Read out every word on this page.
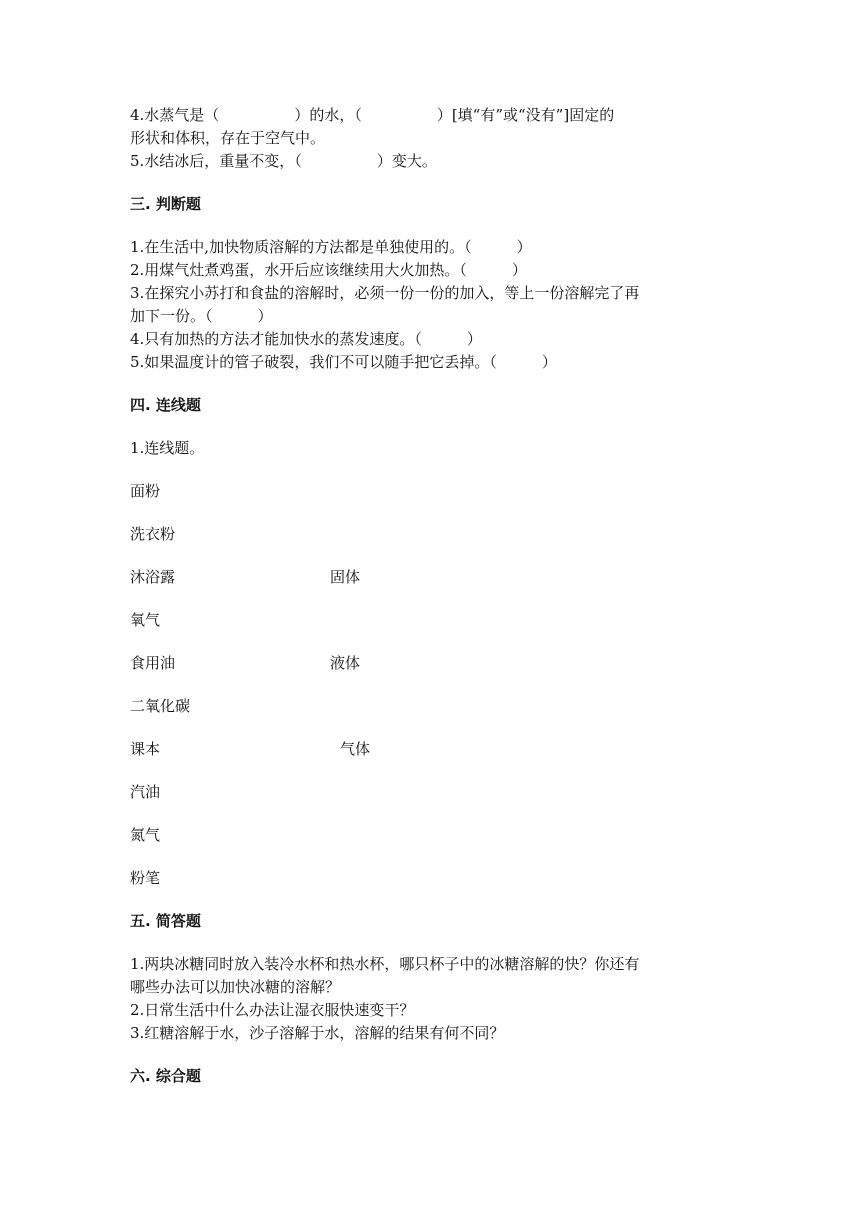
4.水蒸气是（　　　　　）的水，（　　　　　）[填“有”或“没有”]固定的
形状和体积，存在于空气中。
5.水结冰后，重量不变，（　　　　　）变大。
三. 判断题
1.在生活中,加快物质溶解的方法都是单独使用的。（　　　）
2.用煤气灶煮鸡蛋，水开后应该继续用大火加热。（　　　）
3.在探究小苏打和食盐的溶解时，必须一份一份的加入，等上一份溶解完了再
加下一份。（　　　）
4.只有加热的方法才能加快水的蒸发速度。（　　　）
5.如果温度计的管子破裂，我们不可以随手把它丢掉。（　　　）
四. 连线题
1.连线题。
面粉
洗衣粉
沐浴露	固体
氧气
食用油	液体
二氧化碳
课本	气体
汽油
氮气
粉笔
五. 简答题
1.两块冰糖同时放入装冷水杯和热水杯，哪只杯子中的冰糖溶解的快？你还有
哪些办法可以加快冰糖的溶解？
2.日常生活中什么办法让湿衣服快速变干？
3.红糖溶解于水，沙子溶解于水，溶解的结果有何不同？
六. 综合题
